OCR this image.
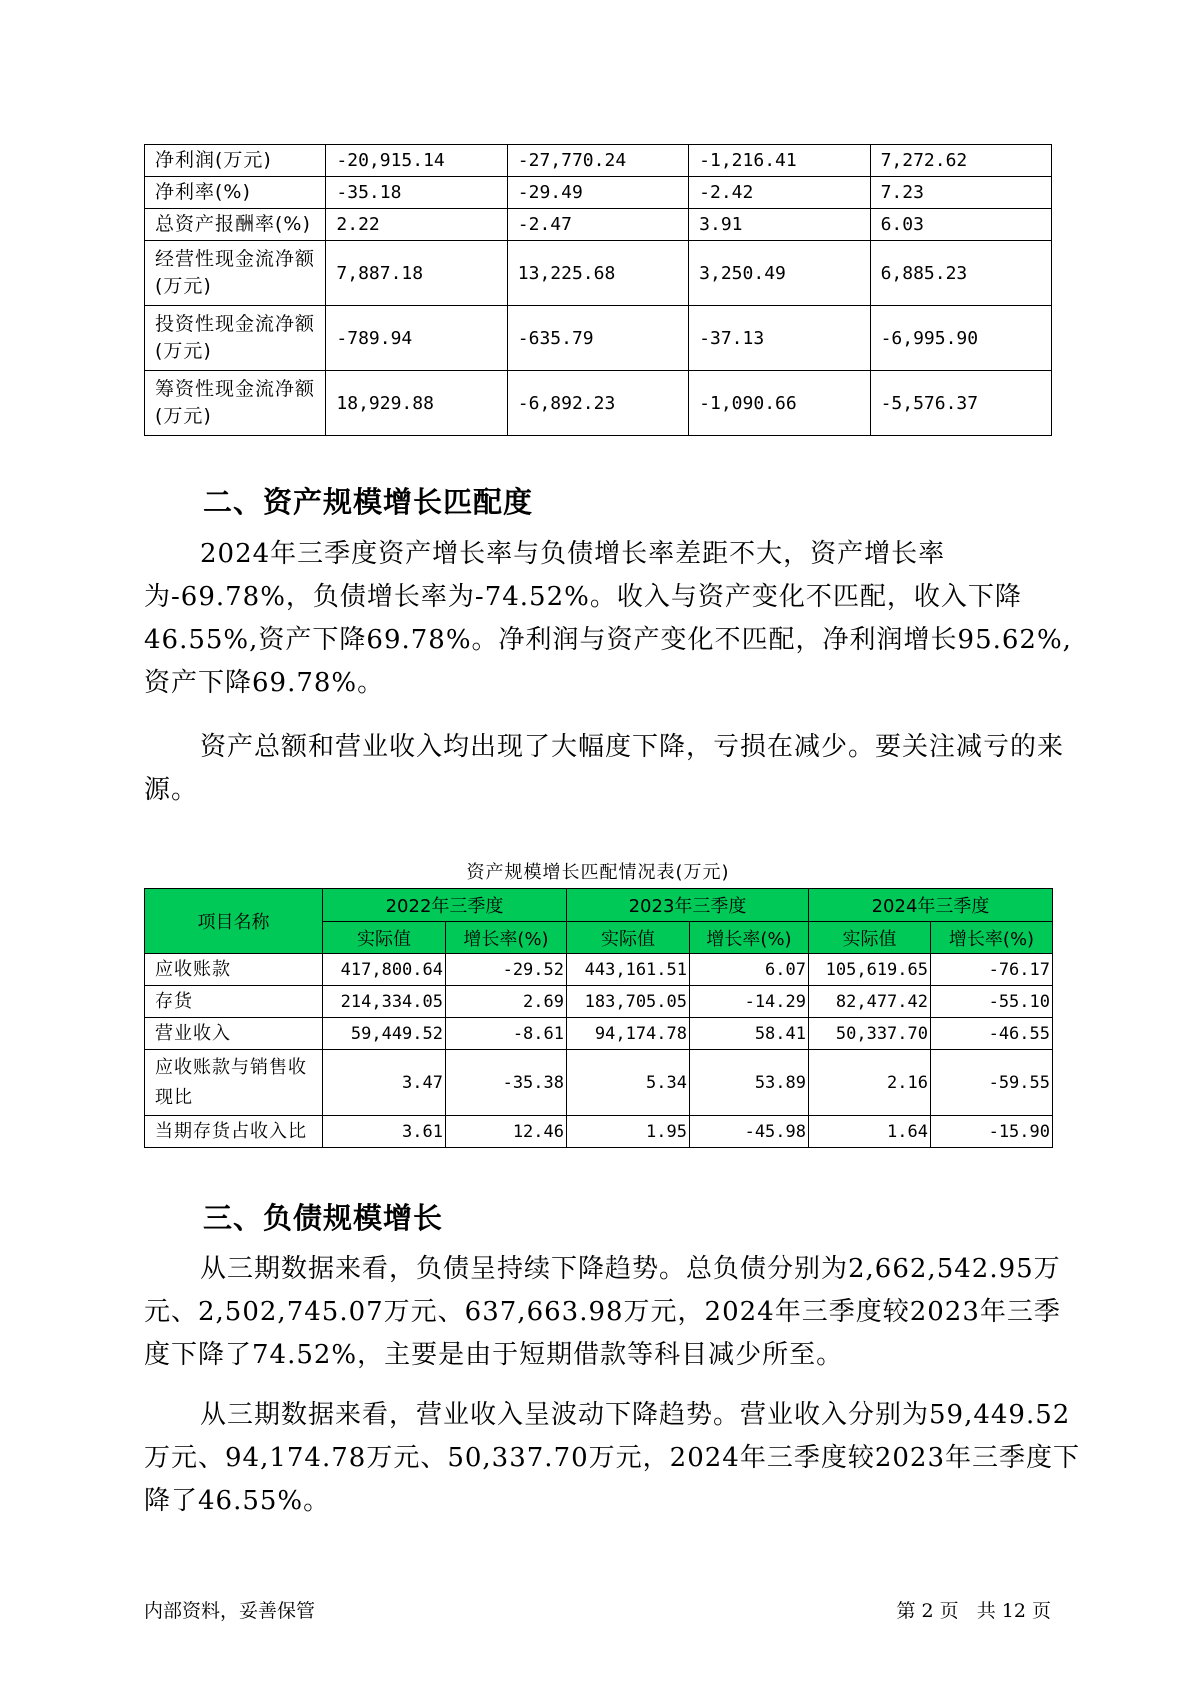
净利润(万元)	-20,915.14	-27,770.24	-1,216.41	7,272.62
净利率(%)	-35.18	-29.49	-2.42	7.23
总资产报酬率(%)	2.22	-2.47	3.91	6.03
经营性现金流净额(万元)	7,887.18	13,225.68	3,250.49	6,885.23
投资性现金流净额(万元)	-789.94	-635.79	-37.13	-6,995.90
筹资性现金流净额(万元)	18,929.88	-6,892.23	-1,090.66	-5,576.37
二、资产规模增长匹配度

2024年三季度资产增长率与负债增长率差距不大，资产增长率为-69.78%，负债增长率为-74.52%。收入与资产变化不匹配，收入下降46.55%,资产下降69.78%。净利润与资产变化不匹配，净利润增长95.62%,资产下降69.78%。

资产总额和营业收入均出现了大幅度下降，亏损在减少。要关注减亏的来源。

资产规模增长匹配情况表(万元)
项目名称	2022年三季度		2023年三季度		2024年三季度	
	实际值	增长率(%)	实际值	增长率(%)	实际值	增长率(%)
应收账款	417,800.64	-29.52	443,161.51	6.07	105,619.65	-76.17
存货	214,334.05	2.69	183,705.05	-14.29	82,477.42	-55.10
营业收入	59,449.52	-8.61	94,174.78	58.41	50,337.70	-46.55
应收账款与销售收现比	3.47	-35.38	5.34	53.89	2.16	-59.55
当期存货占收入比	3.61	12.46	1.95	-45.98	1.64	-15.90
三、负债规模增长

从三期数据来看，负债呈持续下降趋势。总负债分别为2,662,542.95万元、2,502,745.07万元、637,663.98万元，2024年三季度较2023年三季度下降了74.52%，主要是由于短期借款等科目减少所至。

从三期数据来看，营业收入呈波动下降趋势。营业收入分别为59,449.52万元、94,174.78万元、50,337.70万元，2024年三季度较2023年三季度下降了46.55%。

内部资料，妥善保管	第 2 页   共 12 页
